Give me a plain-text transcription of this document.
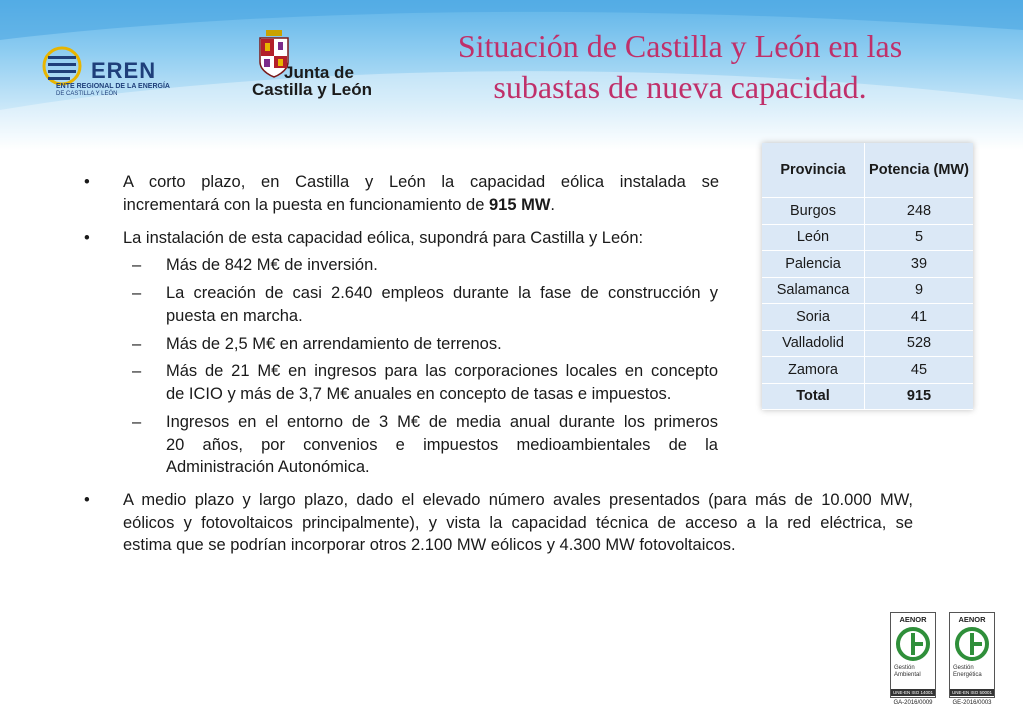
EREN
ENTE REGIONAL DE LA ENERGÍA
DE CASTILLA Y LEÓN
Junta de
Castilla y León
Situación de Castilla y León en las
subastas de nueva capacidad.
•	A corto plazo, en Castilla y León la capacidad eólica instalada se
incrementará con la puesta en funcionamiento de 915 MW.
•	La instalación de esta capacidad eólica, supondrá para Castilla y León:
–	Más de 842 M€ de inversión.
–	La creación de casi 2.640 empleos durante la fase de construcción y
puesta en marcha.
–	Más de 2,5 M€ en arrendamiento de terrenos.
–	Más de 21 M€ en ingresos para las corporaciones locales en concepto
de ICIO y más de 3,7 M€ anuales en concepto de tasas e impuestos.
–	Ingresos en el entorno de 3 M€ de media anual durante los primeros
20 años, por convenios e impuestos medioambientales de la
Administración Autonómica.
•	A medio plazo y largo plazo, dado el elevado número avales presentados (para más de 10.000 MW,
eólicos y fotovoltaicos principalmente), y vista la capacidad técnica de acceso a la red eléctrica, se
estima que se podrían incorporar otros 2.100 MW eólicos y 4.300 MW fotovoltaicos.
Provincia	Potencia (MW)
Burgos	248
León	5
Palencia	39
Salamanca	9
Soria	41
Valladolid	528
Zamora	45
Total	915
AENOR
Gestión
Ambiental
UNE-EN ISO 14001
GA-2016/0009
AENOR
Gestión
Energética
UNE-EN ISO 50001
GE-2016/0003
